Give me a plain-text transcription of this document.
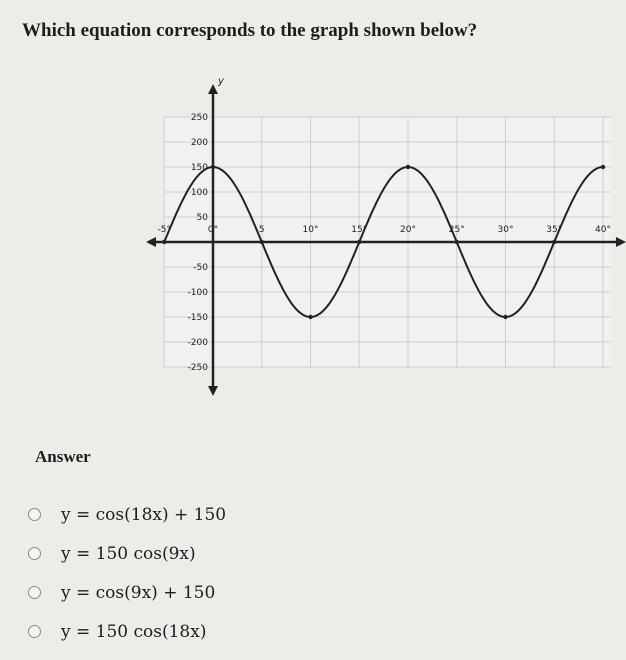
Which equation corresponds to the graph shown below?
y
250
200
150
100
50
-50
-100
-150
-200
-250
-5°	0°	5	10°	15°	20°	25°	30°	35°	40°
Answer
y = cos(18x) + 150
y = 150 cos(9x)
y = cos(9x) + 150
y = 150 cos(18x)
